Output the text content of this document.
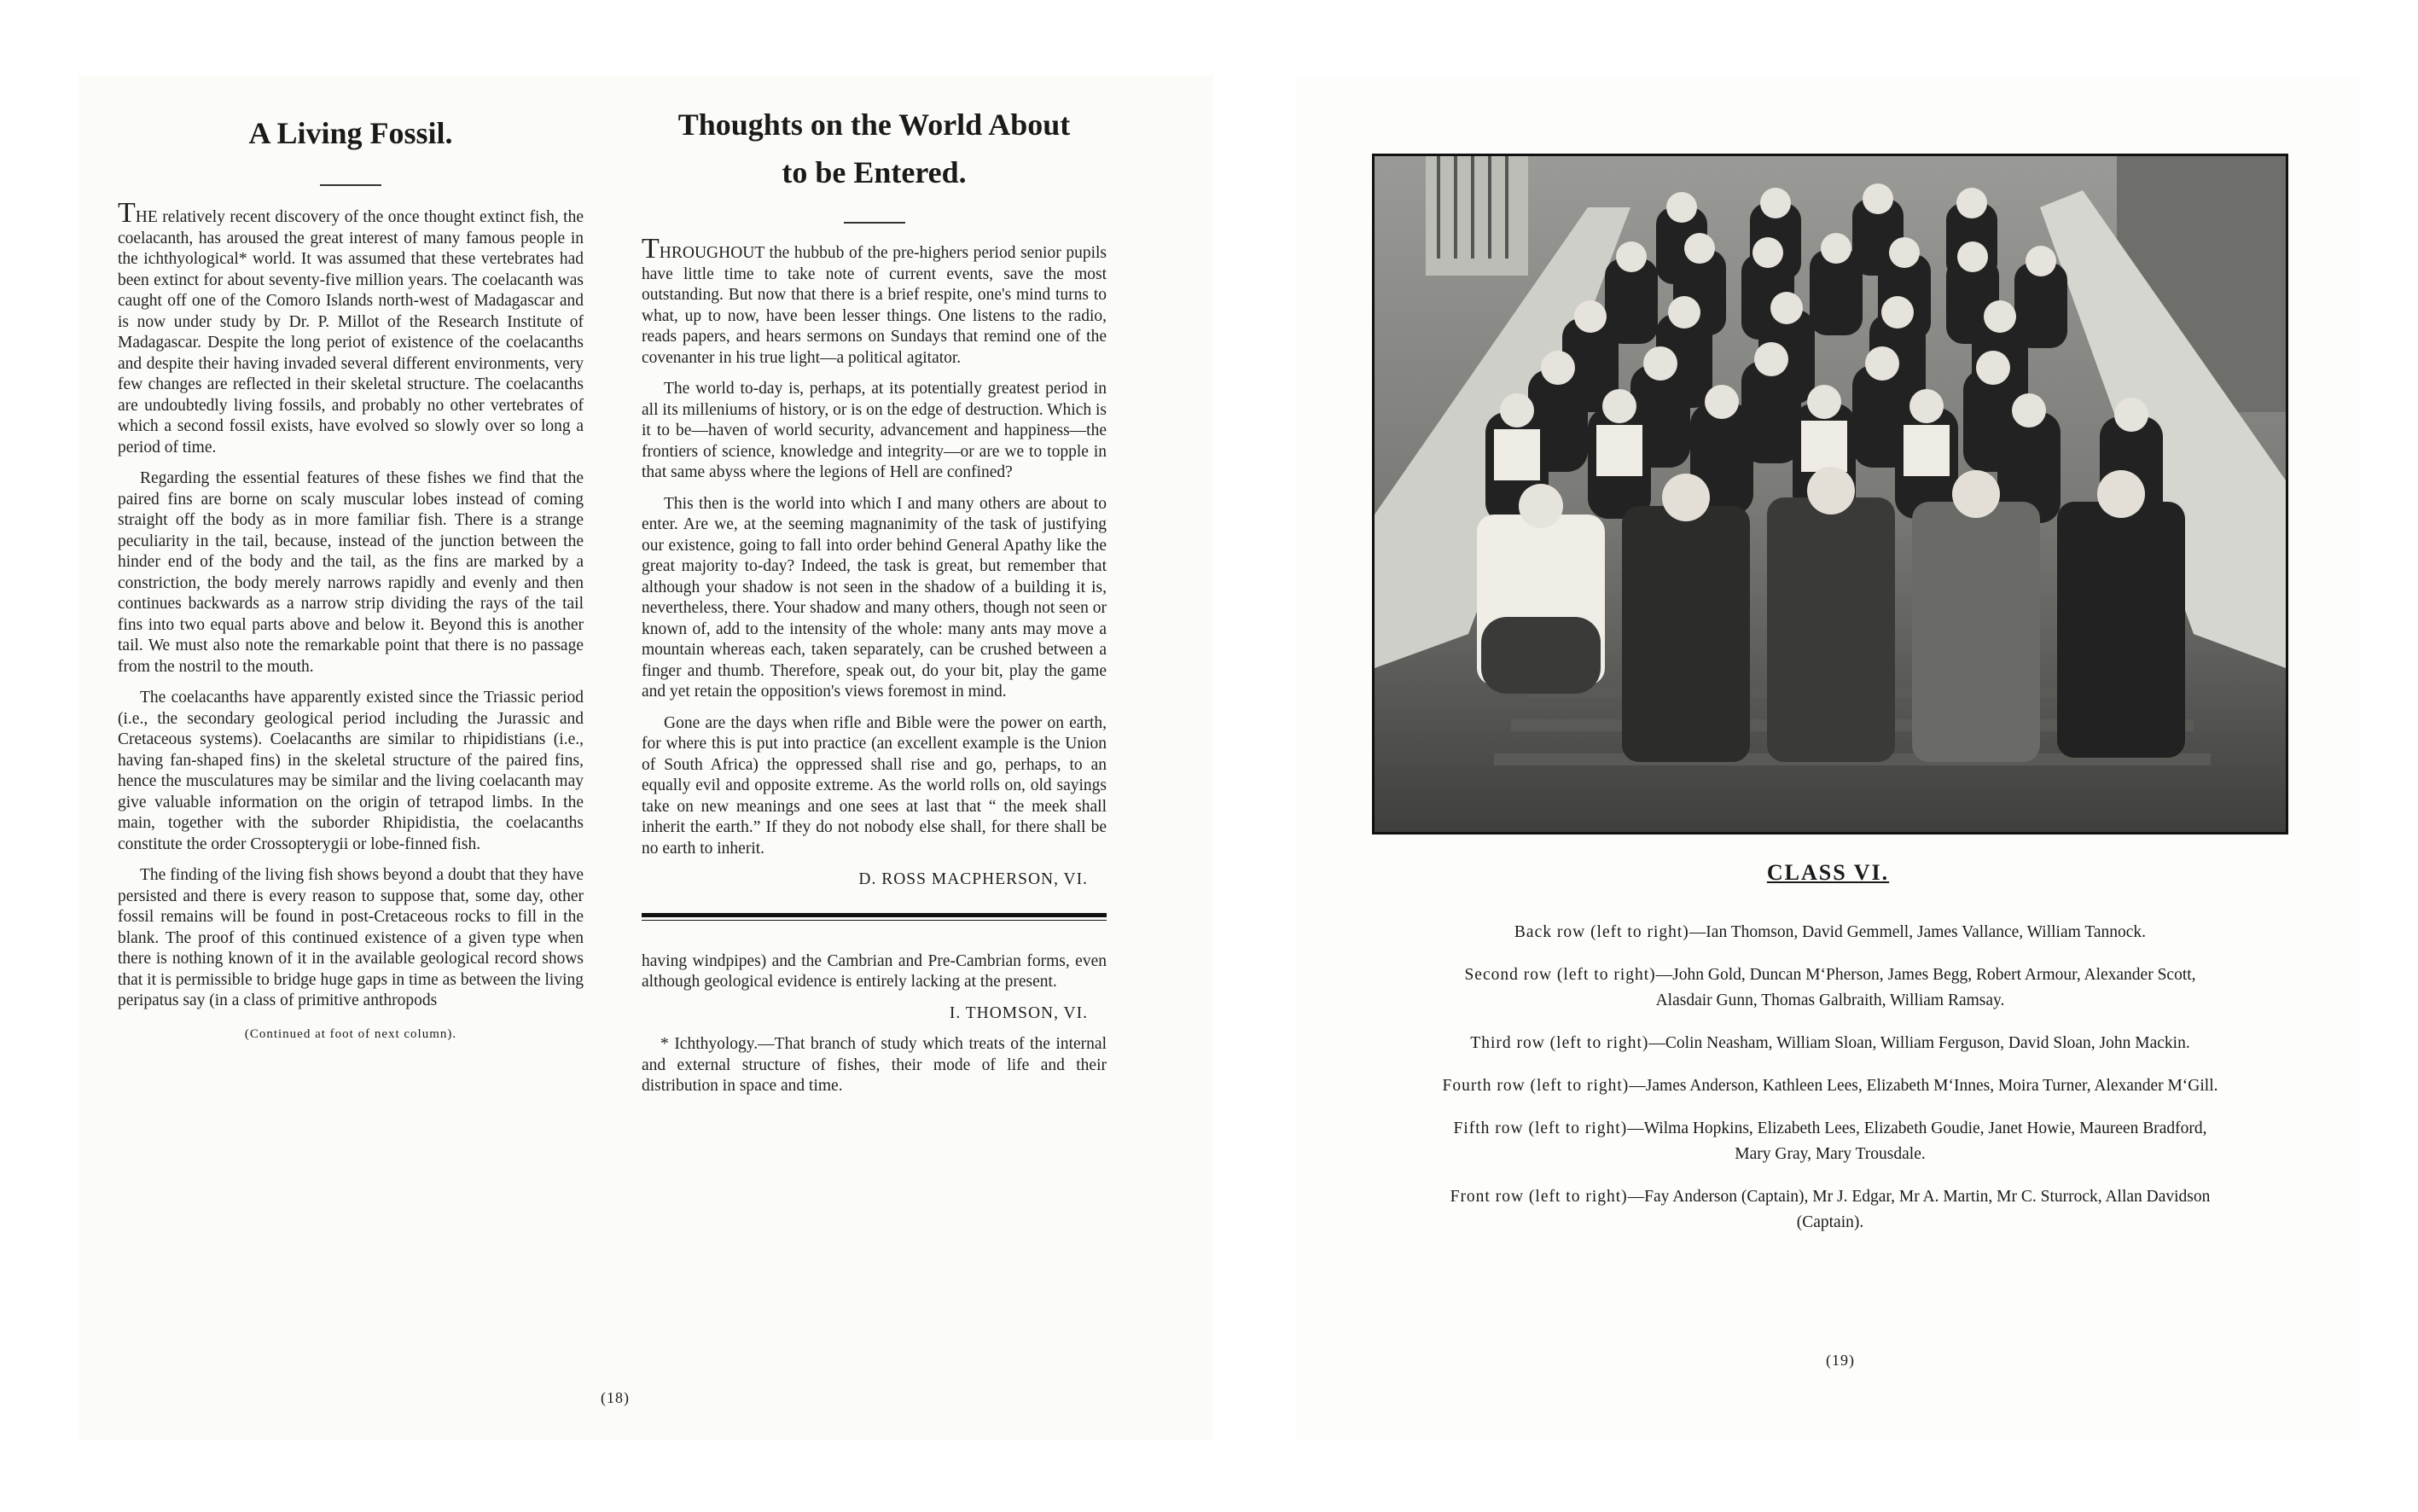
A Living Fossil.

THE relatively recent discovery of the once thought extinct fish, the coelacanth, has aroused the great interest of many famous people in the ichthyological* world. It was assumed that these vertebrates had been extinct for about seventy-five million years. The coelacanth was caught off one of the Comoro Islands north-west of Madagascar and is now under study by Dr. P. Millot of the Research Institute of Madagascar. Despite the long periot of existence of the coelacanths and despite their having invaded several different environments, very few changes are reflected in their skeletal structure. The coelacanths are undoubtedly living fossils, and probably no other vertebrates of which a second fossil exists, have evolved so slowly over so long a period of time.

Regarding the essential features of these fishes we find that the paired fins are borne on scaly muscular lobes instead of coming straight off the body as in more familiar fish. There is a strange peculiarity in the tail, because, instead of the junction between the hinder end of the body and the tail, as the fins are marked by a constriction, the body merely narrows rapidly and evenly and then continues backwards as a narrow strip dividing the rays of the tail fins into two equal parts above and below it. Beyond this is another tail. We must also note the remarkable point that there is no passage from the nostril to the mouth.

The coelacanths have apparently existed since the Triassic period (i.e., the secondary geological period including the Jurassic and Cretaceous systems). Coelacanths are similar to rhipidistians (i.e., having fan-shaped fins) in the skeletal structure of the paired fins, hence the musculatures may be similar and the living coelacanth may give valuable information on the origin of tetrapod limbs. In the main, together with the suborder Rhipidistia, the coelacanths constitute the order Crossopterygii or lobe-finned fish.

The finding of the living fish shows beyond a doubt that they have persisted and there is every reason to suppose that, some day, other fossil remains will be found in post-Cretaceous rocks to fill in the blank. The proof of this continued existence of a given type when there is nothing known of it in the available geological record shows that it is permissible to bridge huge gaps in time as between the living peripatus say (in a class of primitive anthropods

(Continued at foot of next column).
Thoughts on the World About
to be Entered.

THROUGHOUT the hubbub of the pre-highers period senior pupils have little time to take note of current events, save the most outstanding. But now that there is a brief respite, one's mind turns to what, up to now, have been lesser things. One listens to the radio, reads papers, and hears sermons on Sundays that remind one of the covenanter in his true light—a political agitator.

The world to-day is, perhaps, at its potentially greatest period in all its milleniums of history, or is on the edge of destruction. Which is it to be—haven of world security, advancement and happiness—the frontiers of science, knowledge and integrity—or are we to topple in that same abyss where the legions of Hell are confined?

This then is the world into which I and many others are about to enter. Are we, at the seeming magnanimity of the task of justifying our existence, going to fall into order behind General Apathy like the great majority to-day? Indeed, the task is great, but remember that although your shadow is not seen in the shadow of a building it is, nevertheless, there. Your shadow and many others, though not seen or known of, add to the intensity of the whole: many ants may move a mountain whereas each, taken separately, can be crushed between a finger and thumb. Therefore, speak out, do your bit, play the game and yet retain the opposition's views foremost in mind.

Gone are the days when rifle and Bible were the power on earth, for where this is put into practice (an excellent example is the Union of South Africa) the oppressed shall rise and go, perhaps, to an equally evil and opposite extreme. As the world rolls on, old sayings take on new meanings and one sees at last that “ the meek shall inherit the earth.” If they do not nobody else shall, for there shall be no earth to inherit.

D. ROSS MACPHERSON, VI.

having windpipes) and the Cambrian and Pre-Cambrian forms, even although geological evidence is entirely lacking at the present.

I. THOMSON, VI.

* Ichthyology.—That branch of study which treats of the internal and external structure of fishes, their mode of life and their distribution in space and time.

(18)
CLASS VI.

Back row (left to right)—Ian Thomson, David Gemmell, James Vallance, William Tannock.

Second row (left to right)—John Gold, Duncan M‘Pherson, James Begg, Robert Armour, Alexander Scott, Alasdair Gunn, Thomas Galbraith, William Ramsay.

Third row (left to right)—Colin Neasham, William Sloan, William Ferguson, David Sloan, John Mackin.

Fourth row (left to right)—James Anderson, Kathleen Lees, Elizabeth M‘Innes, Moira Turner, Alexander M‘Gill.

Fifth row (left to right)—Wilma Hopkins, Elizabeth Lees, Elizabeth Goudie, Janet Howie, Maureen Bradford, Mary Gray, Mary Trousdale.

Front row (left to right)—Fay Anderson (Captain), Mr J. Edgar, Mr A. Martin, Mr C. Sturrock, Allan Davidson (Captain).

(19)
